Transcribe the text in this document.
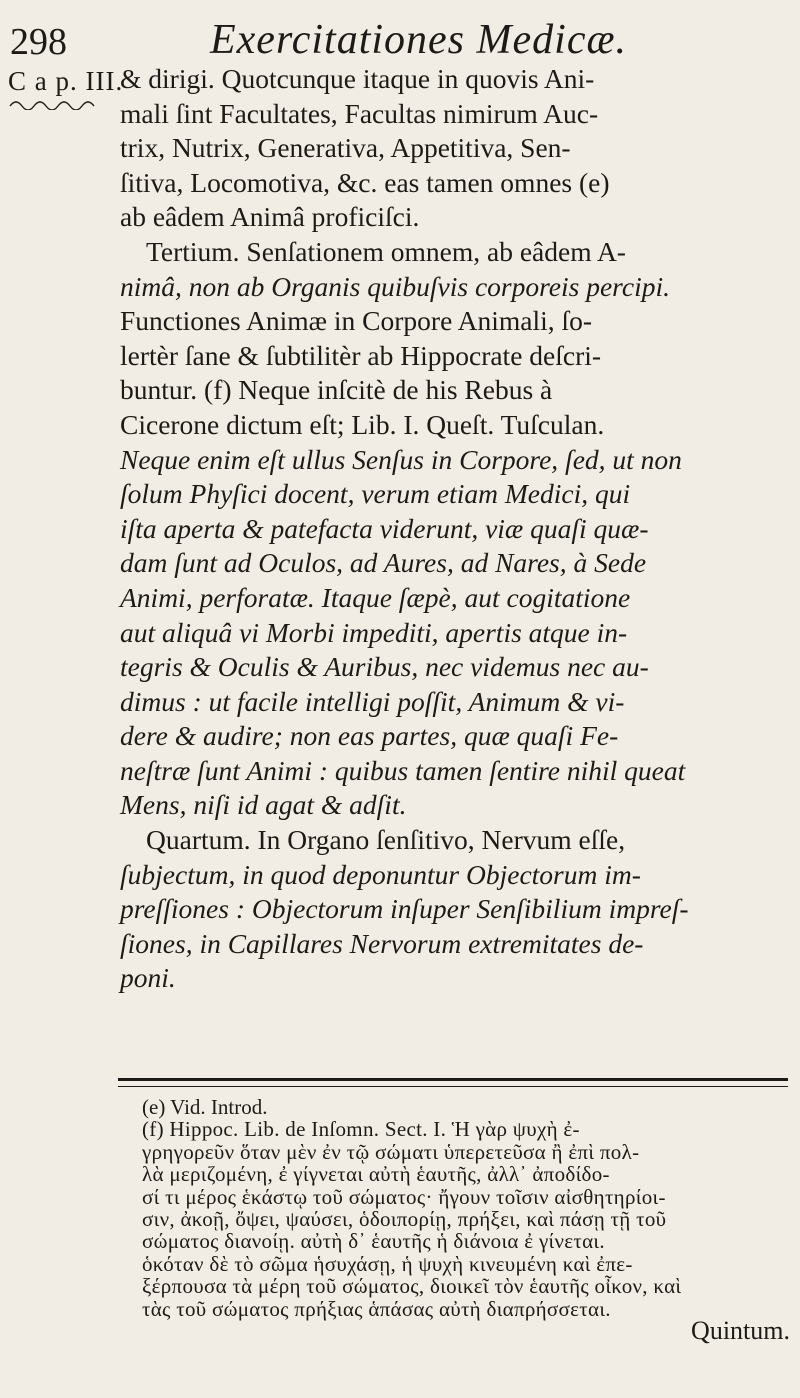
298	Exercitationes Medicæ.
C a p. III.
& dirigi. Quotcunque itaque in quovis Ani-
mali ſint Facultates, Facultas nimirum Auc-
trix, Nutrix, Generativa, Appetitiva, Sen-
ſitiva, Locomotiva, &c. eas tamen omnes (e)
ab eâdem Animâ proficiſci.
Tertium. Senſationem omnem, ab eâdem A-
nimâ, non ab Organis quibuſvis corporeis percipi.
Functiones Animæ in Corpore Animali, ſo-
lertèr ſane & ſubtilitèr ab Hippocrate deſcri-
buntur. (f) Neque inſcitè de his Rebus à
Cicerone dictum eſt; Lib. I. Queſt. Tuſculan.
Neque enim eſt ullus Senſus in Corpore, ſed, ut non
ſolum Phyſici docent, verum etiam Medici, qui
iſta aperta & patefacta viderunt, viæ quaſi quæ-
dam ſunt ad Oculos, ad Aures, ad Nares, à Sede
Animi, perforatæ. Itaque ſæpè, aut cogitatione
aut aliquâ vi Morbi impediti, apertis atque in-
tegris & Oculis & Auribus, nec videmus nec au-
dimus : ut facile intelligi poſſit, Animum & vi-
dere & audire; non eas partes, quæ quaſi Fe-
neſtræ ſunt Animi : quibus tamen ſentire nihil queat
Mens, niſi id agat & adſit.
Quartum. In Organo ſenſitivo, Nervum eſſe,
ſubjectum, in quod deponuntur Objectorum im-
preſſiones : Objectorum inſuper Senſibilium impreſ-
ſiones, in Capillares Nervorum extremitates de-
poni.
(e) Vid. Introd.
(f) Hippoc. Lib. de Inſomn. Sect. I. Ἡ γὰρ ψυχὴ ἐ-
γρηγορεῦν ὅταν μὲν ἐν τῷ σώματι ὑπερετεῦσα ἢ ἐπὶ πολ-
λὰ μεριζομένη, ἐ γίγνεται αὐτὴ ἑαυτῆς, ἀλλ᾽ ἀποδίδο-
σί τι μέρος ἑκάστῳ τοῦ σώματος· ἤγουν τοῖσιν αἰσθητηρίοι-
σιν, ἀκοῇ, ὄψει, ψαύσει, ὁδοιπορίῃ, πρήξει, καὶ πάσῃ τῇ τοῦ
σώματος διανοίῃ. αὐτὴ δ᾽ ἑαυτῆς ἡ διάνοια ἐ γίνεται.
ὁκόταν δὲ τὸ σῶμα ἡσυχάσῃ, ἡ ψυχὴ κινευμένη καὶ ἐπε-
ξέρπουσα τὰ μέρη τοῦ σώματος, διοικεῖ τὸν ἑαυτῆς οἶκον, καὶ
τὰς τοῦ σώματος πρήξιας ἁπάσας αὐτὴ διαπρήσσεται.
Quintum.
